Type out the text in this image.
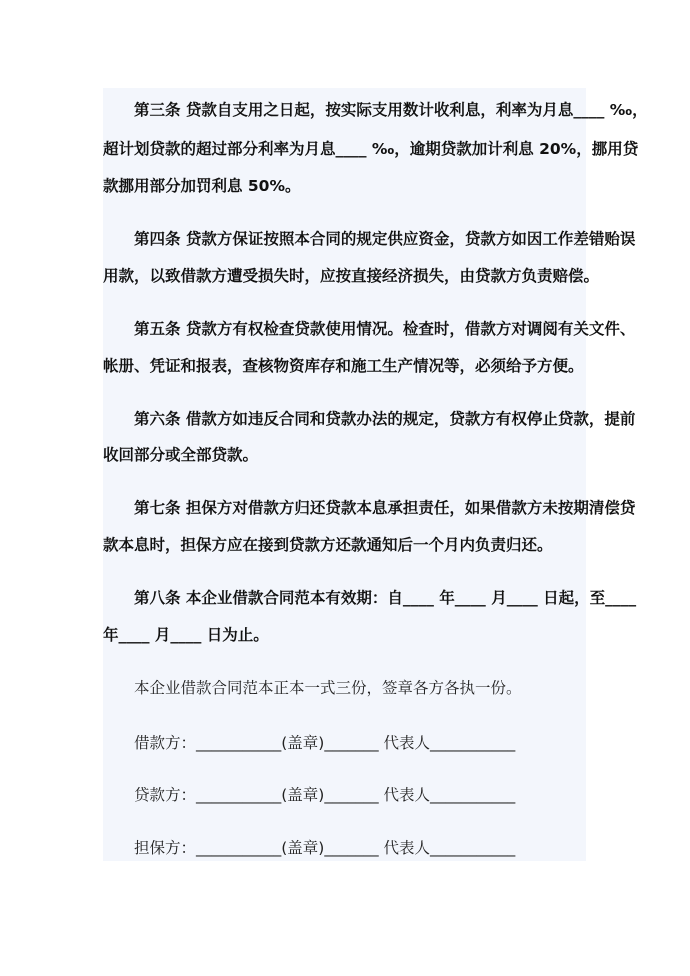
第三条 贷款自支用之日起，按实际支用数计收利息，利率为月息____ ‰，
超计划贷款的超过部分利率为月息____ ‰，逾期贷款加计利息 20%，挪用贷
款挪用部分加罚利息 50%。
第四条 贷款方保证按照本合同的规定供应资金，贷款方如因工作差错贻误
用款，以致借款方遭受损失时，应按直接经济损失，由贷款方负责赔偿。
第五条 贷款方有权检查贷款使用情况。检查时，借款方对调阅有关文件、
帐册、凭证和报表，查核物资库存和施工生产情况等，必须给予方便。
第六条 借款方如违反合同和贷款办法的规定，贷款方有权停止贷款，提前
收回部分或全部贷款。
第七条 担保方对借款方归还贷款本息承担责任，如果借款方未按期清偿贷
款本息时，担保方应在接到贷款方还款通知后一个月内负责归还。
第八条 本企业借款合同范本有效期：自____ 年____ 月____ 日起，至____
年____ 月____ 日为止。
本企业借款合同范本正本一式三份，签章各方各执一份。
借款方：___________(盖章)_______ 代表人___________
贷款方：___________(盖章)_______ 代表人___________
担保方：___________(盖章)_______ 代表人___________
